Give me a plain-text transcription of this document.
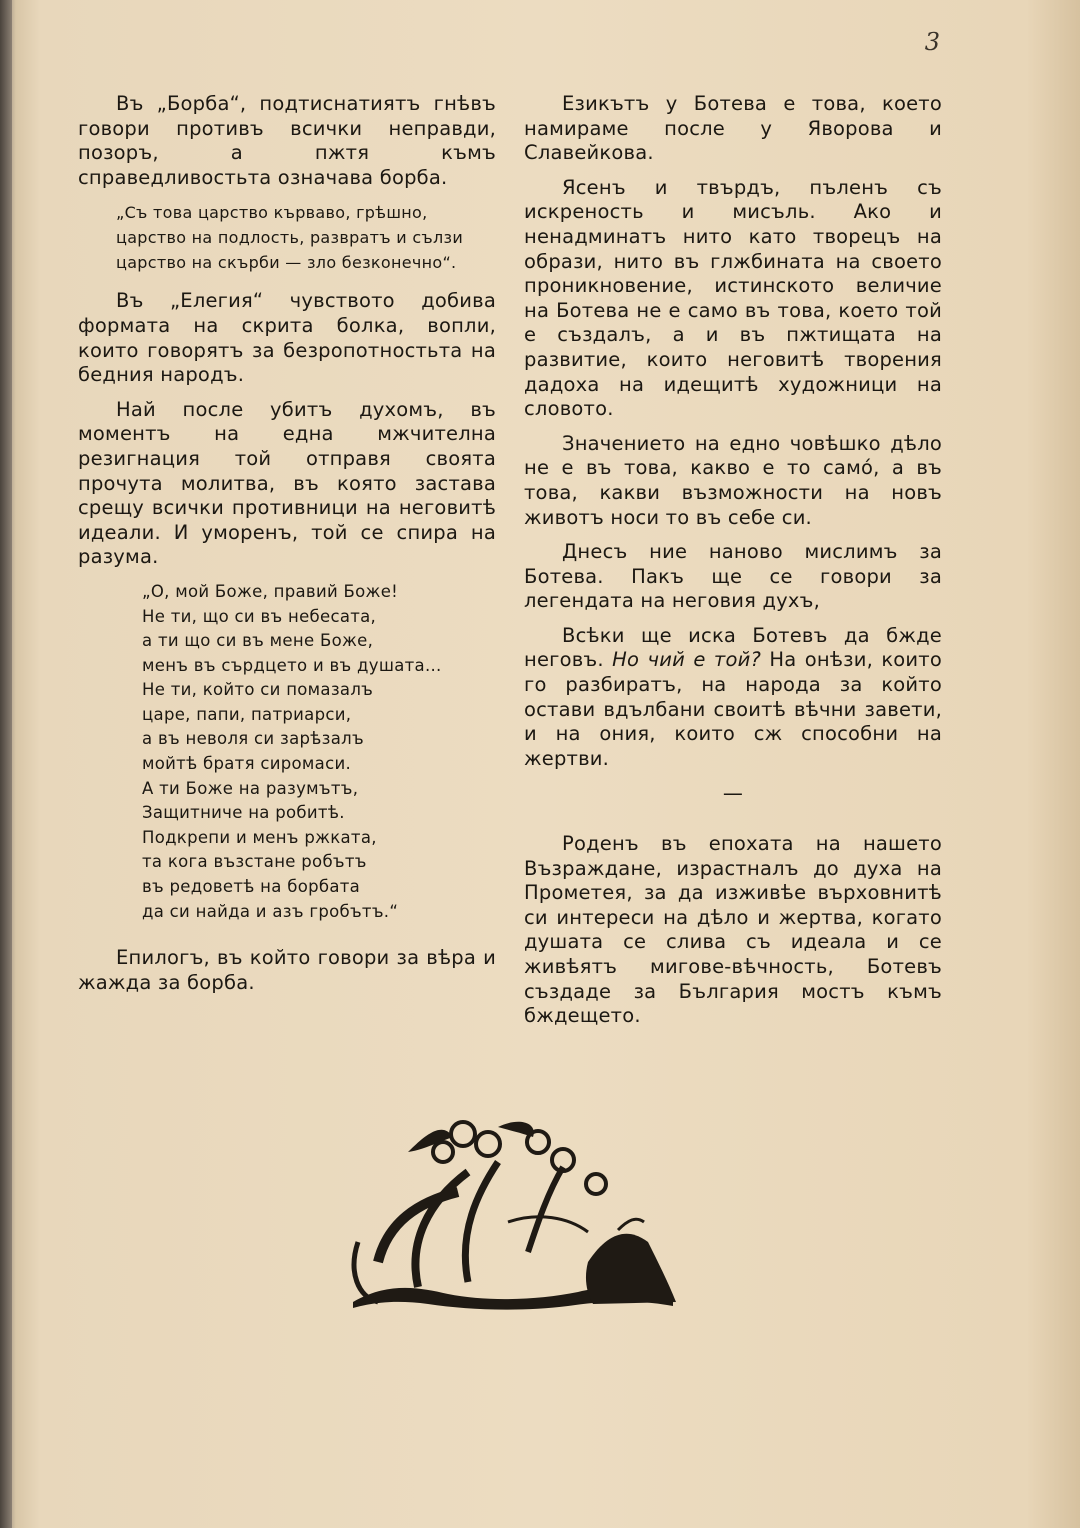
3

Въ „Борба“, подтиснатиятъ гнѣвъ говори противъ всички неправди, позоръ, а пжтя къмъ справедливостьта означава борба.

„Съ това царство кърваво, грѣшно,
царство на подлость, развратъ и сълзи
царство на скърби — зло безконечно“.

Въ „Елегия“ чувството добива формата на скрита болка, вопли, които говорятъ за безропотностьта на бедния народъ.

Най после убитъ духомъ, въ моментъ на една мжчителна резигнация той отправя своята прочута молитва, въ която застава срещу всички противници на неговитѣ идеали. И уморенъ, той се спира на разума.

„О, мой Боже, правий Боже!
Не ти, що си въ небесата,
а ти що си въ мене Боже,
менъ въ сърдцето и въ душата...
Не ти, който си помазалъ
царе, папи, патриарси,
а въ неволя си зарѣзалъ
мойтѣ братя сиромаси.
А ти Боже на разумътъ,
Защитниче на робитѣ.
Подкрепи и менъ ржката,
та кога възстане робътъ
въ редоветѣ на борбата
да си найда и азъ гробътъ.“

Епилогъ, въ който говори за вѣра и жажда за борба.

Езикътъ у Ботева е това, което намираме после у Яворова и Славейкова.

Ясенъ и твърдъ, пъленъ съ искреность и мисъль. Ако и ненадминатъ нито като творецъ на образи, нито въ глжбината на своето проникновение, истинското величие на Ботева не е само въ това, което той е създалъ, а и въ пжтищата на развитие, които неговитѣ творения дадоха на идещитѣ художници на словото.

Значението на едно човѣшко дѣло не е въ това, какво е то само́, а въ това, какви възможности на новъ животъ носи то въ себе си.

Днесъ ние наново мислимъ за Ботева. Пакъ ще се говори за легендата на неговия духъ,

Всѣки ще иска Ботевъ да бжде неговъ. Но чий е той? На онѣзи, които го разбиратъ, на народа за който остави вдълбани своитѣ вѣчни завети, и на ония, които сж способни на жертви.

—

Роденъ въ епохата на нашето Възраждане, израстналъ до духа на Прометея, за да изживѣе върховнитѣ си интереси на дѣло и жертва, когато душата се слива съ идеала и се живѣятъ мигове-вѣчность, Ботевъ създаде за България мостъ къмъ бждещето.
